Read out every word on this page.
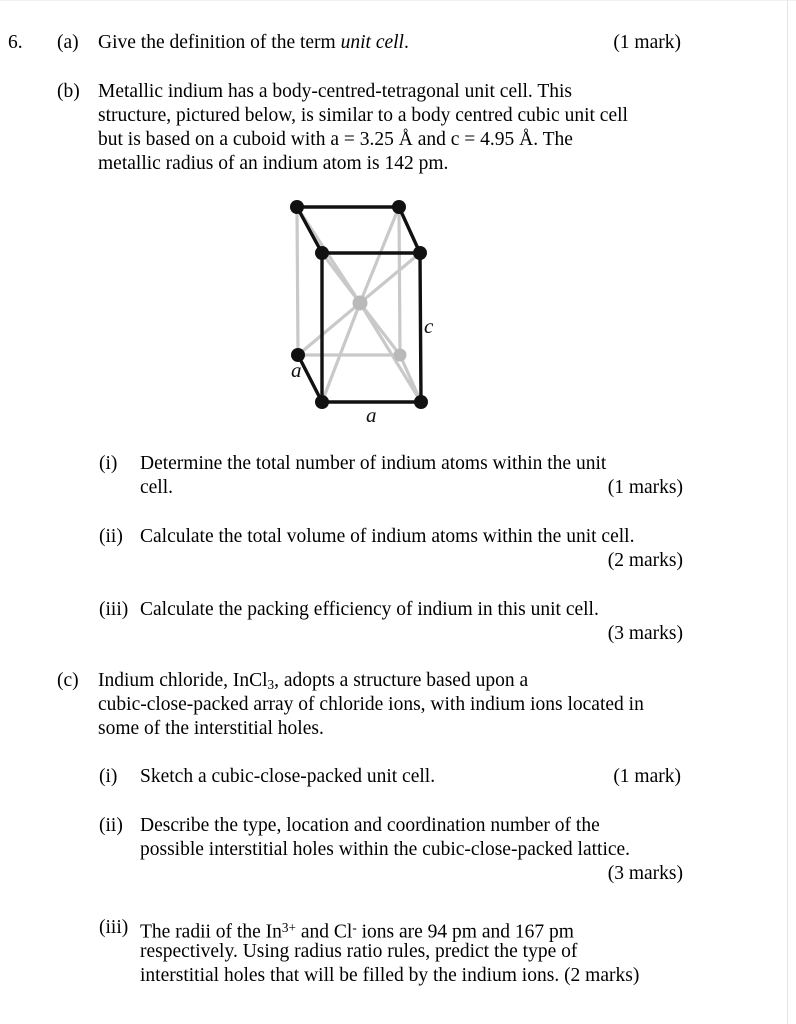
6. (a) Give the definition of the term unit cell.	(1 mark)
(b) Metallic indium has a body-centred-tetragonal unit cell. This
structure, pictured below, is similar to a body centred cubic unit cell
but is based on a cuboid with a = 3.25 Å and c = 4.95 Å. The
metallic radius of an indium atom is 142 pm.
a
a
c
(i) Determine the total number of indium atoms within the unit
cell.	(1 marks)
(ii) Calculate the total volume of indium atoms within the unit cell.
(2 marks)
(iii) Calculate the packing efficiency of indium in this unit cell.
(3 marks)
(c) Indium chloride, InCl$_3$, adopts a structure based upon a
cubic-close-packed array of chloride ions, with indium ions located in
some of the interstitial holes.
(i) Sketch a cubic-close-packed unit cell.	(1 mark)
(ii) Describe the type, location and coordination number of the
possible interstitial holes within the cubic-close-packed lattice.
(3 marks)
(iii) The radii of the $In^{3+}$ and Cl- ions are 94 pm and 167 pm
respectively. Using radius ratio rules, predict the type of
interstitial holes that will be filled by the indium ions. (2 marks)
